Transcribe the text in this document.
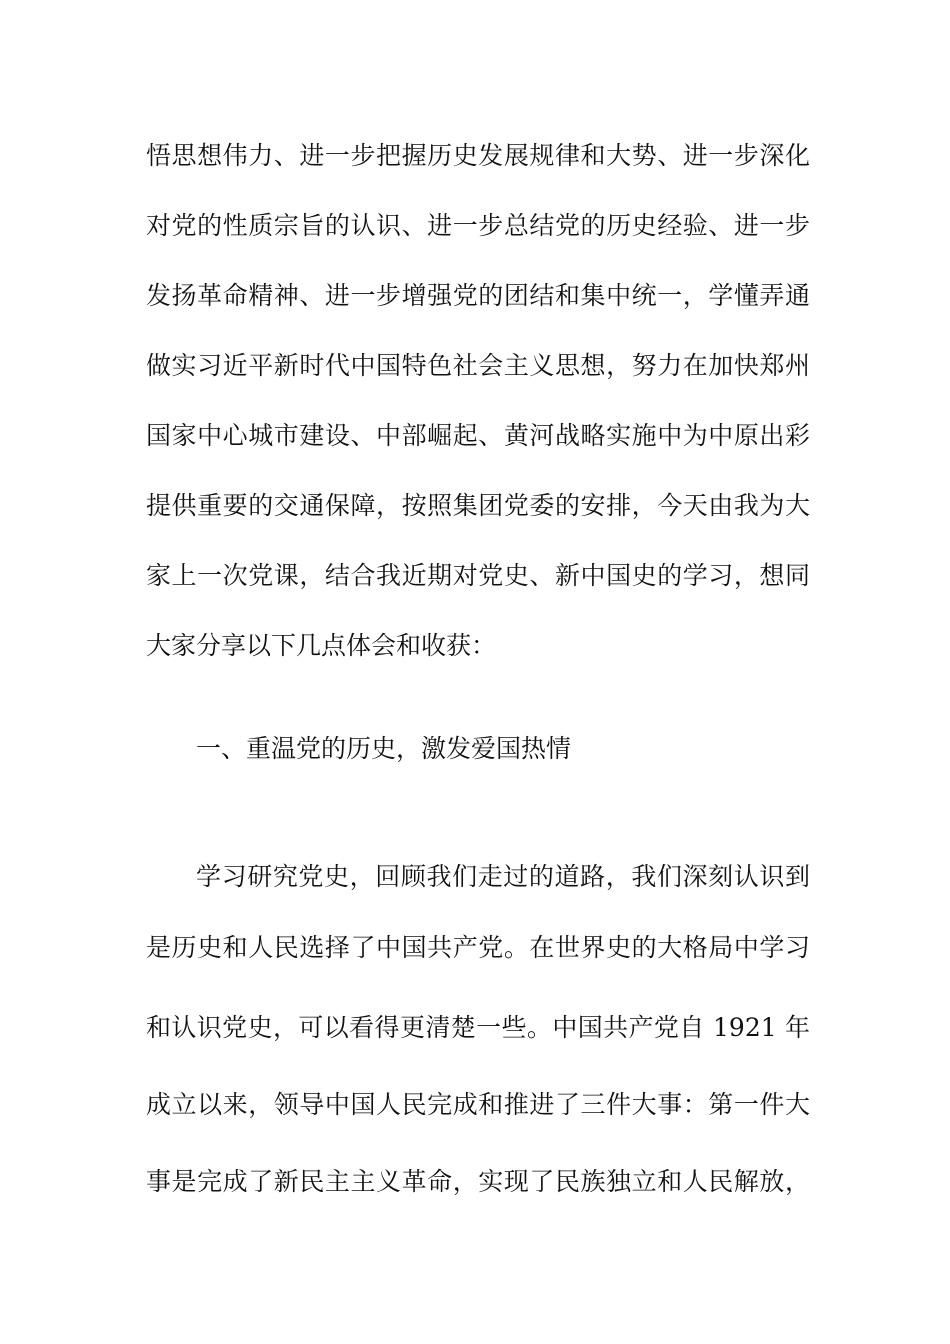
悟思想伟力、进一步把握历史发展规律和大势、进一步深化
对党的性质宗旨的认识、进一步总结党的历史经验、进一步
发扬革命精神、进一步增强党的团结和集中统一，学懂弄通
做实习近平新时代中国特色社会主义思想，努力在加快郑州
国家中心城市建设、中部崛起、黄河战略实施中为中原出彩
提供重要的交通保障，按照集团党委的安排，今天由我为大
家上一次党课，结合我近期对党史、新中国史的学习，想同
大家分享以下几点体会和收获：
一、重温党的历史，激发爱国热情
学习研究党史，回顾我们走过的道路，我们深刻认识到
是历史和人民选择了中国共产党。在世界史的大格局中学习
和认识党史，可以看得更清楚一些。中国共产党自 1921 年
成立以来，领导中国人民完成和推进了三件大事：第一件大
事是完成了新民主主义革命，实现了民族独立和人民解放，
